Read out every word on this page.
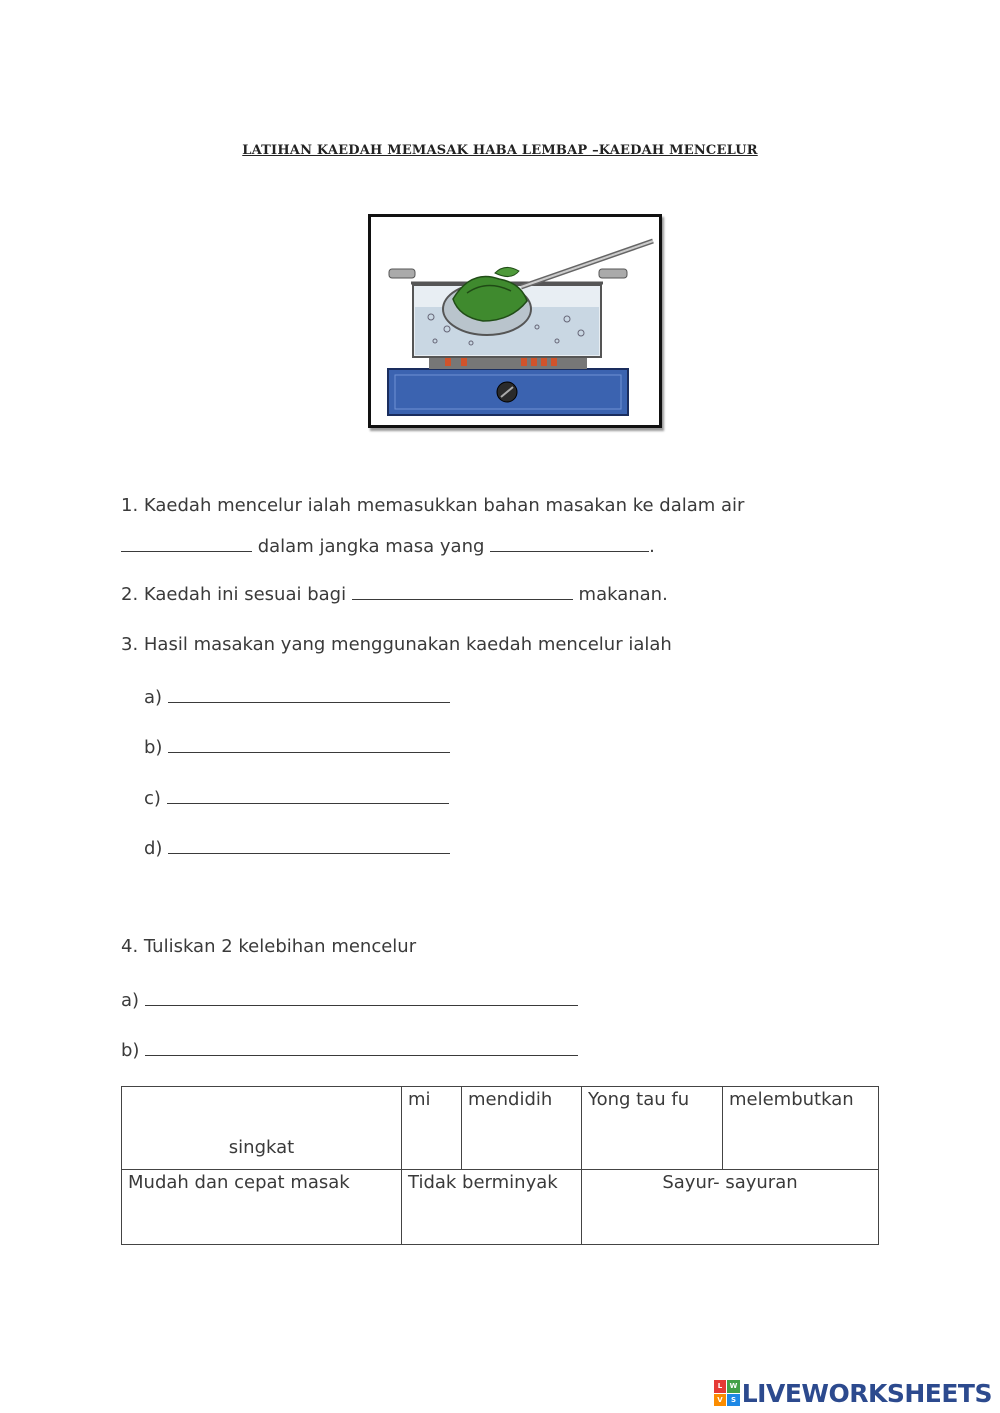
LATIHAN KAEDAH MEMASAK HABA LEMBAP –KAEDAH MENCELUR
1. Kaedah mencelur ialah memasukkan bahan masakan ke dalam air
dalam jangka masa yang	.
2. Kaedah ini sesuai bagi	makanan.
3. Hasil masakan yang menggunakan kaedah mencelur ialah
a)
b)
c)
d)
4. Tuliskan 2 kelebihan mencelur
a)
b)
singkat	mi	mendidih	Yong tau fu	melembutkan
Mudah dan cepat masak	Tidak berminyak		Sayur- sayuran	
L	W
V	S LIVEWORKSHEETS
